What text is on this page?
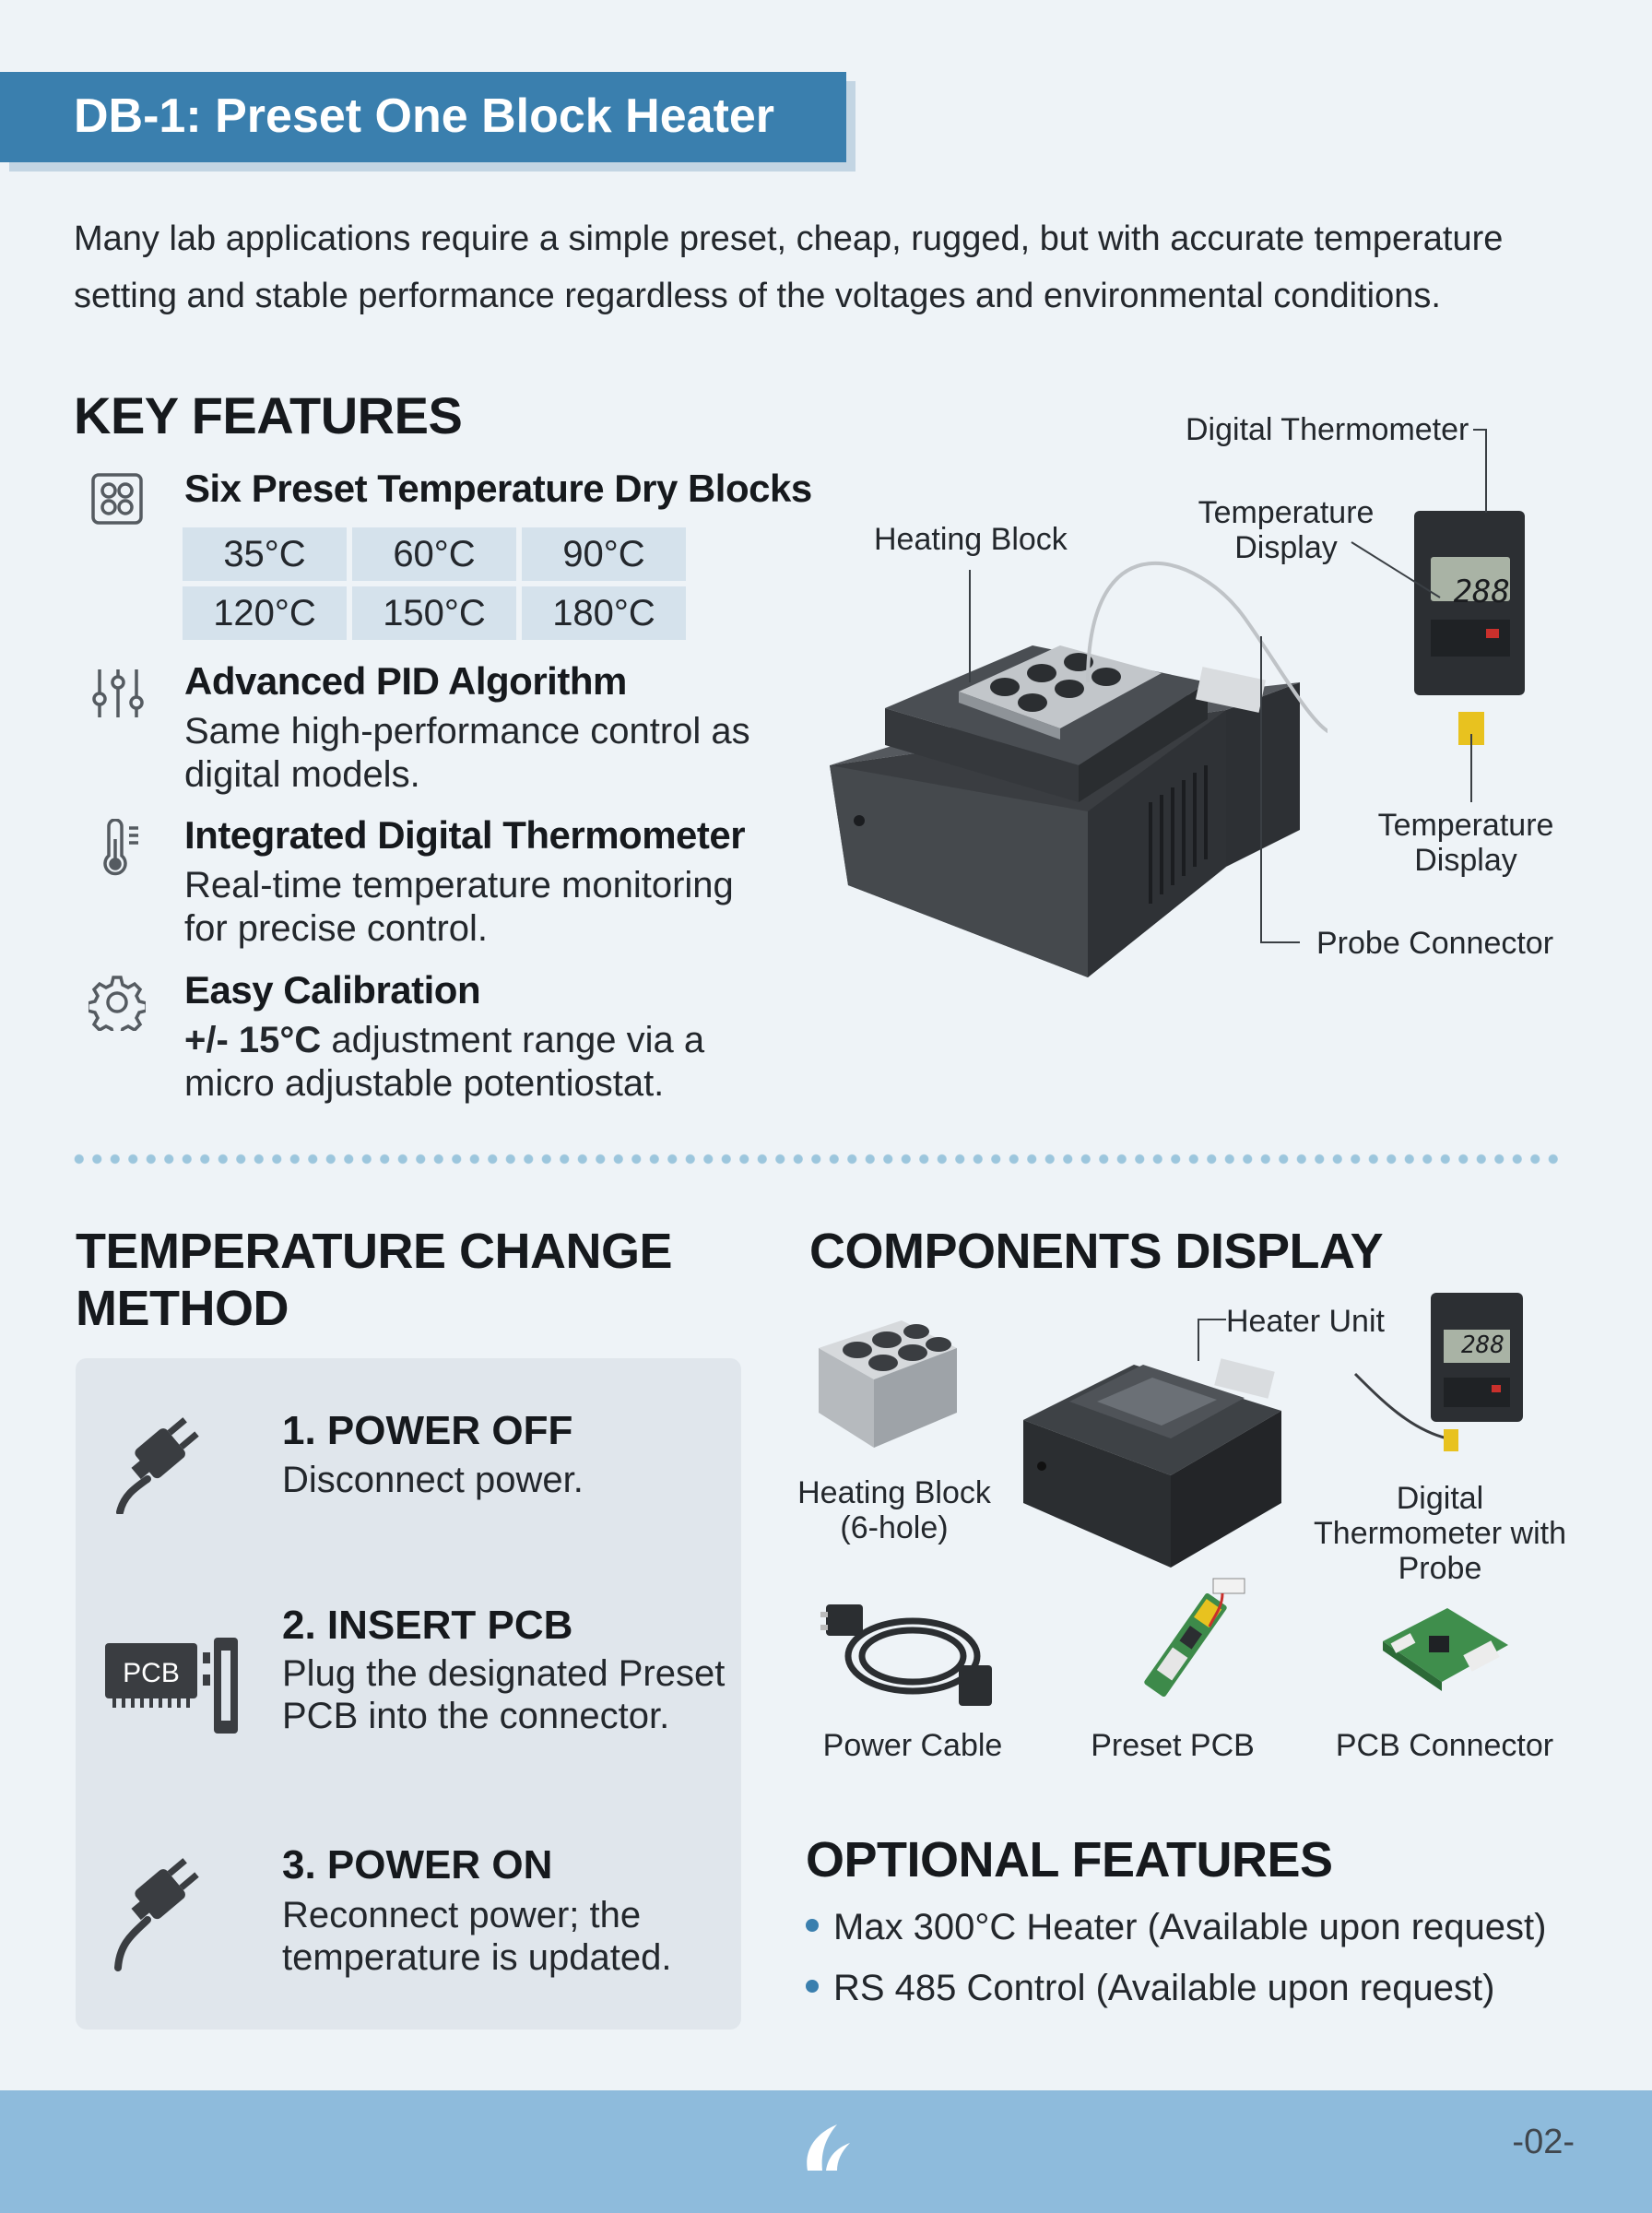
DB-1: Preset One Block Heater
Many lab applications require a simple preset, cheap, rugged, but with accurate temperature setting and stable performance regardless of the voltages and environmental conditions.
KEY FEATURES
Six Preset Temperature Dry Blocks
35°C	60°C	90°C
120°C	150°C	180°C
Advanced PID Algorithm
Same high-performance control as digital models.
Integrated Digital Thermometer
Real-time temperature monitoring for precise control.
Easy Calibration
+/- 15°C adjustment range via a micro adjustable potentiostat.
288
Digital Thermometer
Temperature Display
Heating Block
Temperature Display
Probe Connector
TEMPERATURE CHANGE METHOD
1. POWER OFF
Disconnect power.
PCB
2. INSERT PCB
Plug the designated Preset PCB into the connector.
3. POWER ON
Reconnect power; the temperature is updated.
COMPONENTS DISPLAY
Heating Block (6-hole)
Heater Unit
288
Digital Thermometer with Probe
Power Cable	Preset PCB	PCB Connector
OPTIONAL FEATURES
Max 300°C Heater (Available upon request)
RS 485 Control (Available upon request)
-02-
